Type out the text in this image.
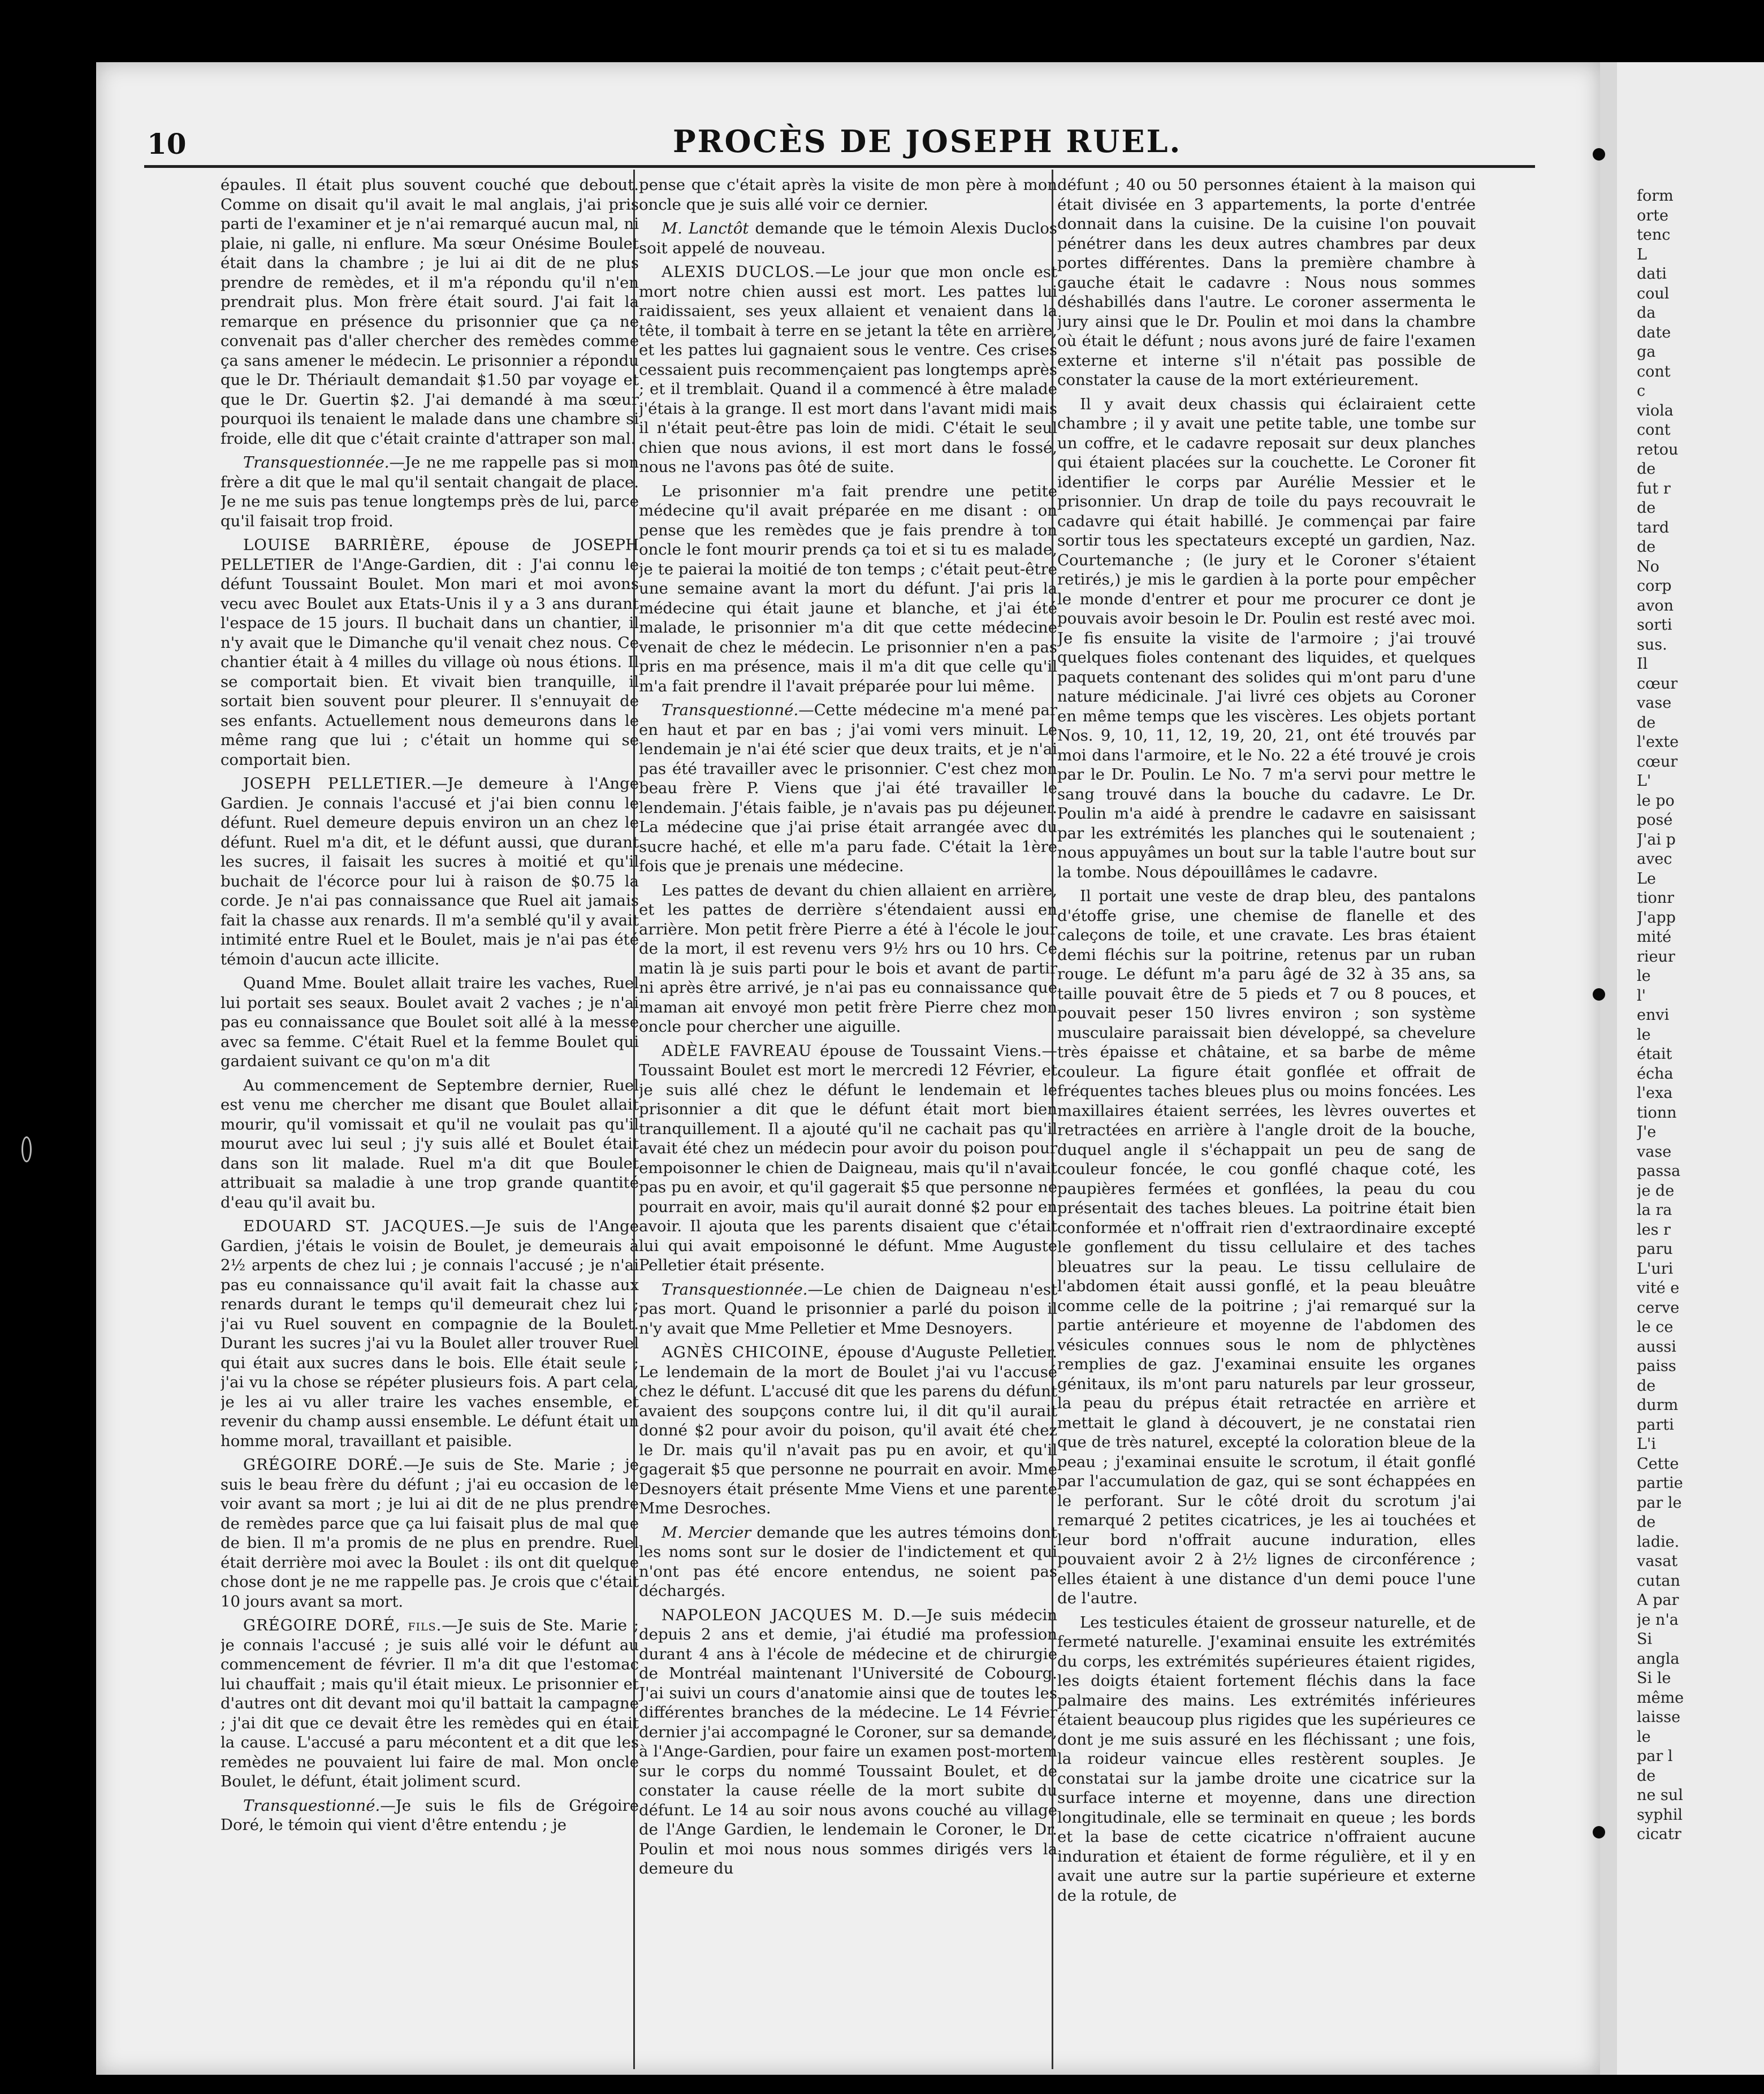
10	PROCÈS DE JOSEPH RUEL.

épaules. Il était plus souvent couché que debout. Comme on disait qu'il avait le mal anglais, j'ai pris parti de l'examiner et je n'ai remarqué aucun mal, ni plaie, ni galle, ni enflure. Ma sœur Onésime Boulet était dans la chambre ; je lui ai dit de ne plus prendre de remèdes, et il m'a répondu qu'il n'en prendrait plus. Mon frère était sourd. J'ai fait la remarque en présence du prisonnier que ça ne convenait pas d'aller chercher des remèdes comme ça sans amener le médecin. Le prisonnier a répondu que le Dr. Thériault demandait $1.50 par voyage et que le Dr. Guertin $2. J'ai demandé à ma sœur pourquoi ils tenaient le malade dans une chambre si froide, elle dit que c'était crainte d'attraper son mal.

Transquestionnée.—Je ne me rappelle pas si mon frère a dit que le mal qu'il sentait changait de place. Je ne me suis pas tenue longtemps près de lui, parce qu'il faisait trop froid.

LOUISE BARRIÈRE, épouse de JOSEPH PELLETIER de l'Ange-Gardien, dit : J'ai connu le défunt Toussaint Boulet. Mon mari et moi avons vecu avec Boulet aux Etats-Unis il y a 3 ans durant l'espace de 15 jours. Il buchait dans un chantier, il n'y avait que le Dimanche qu'il venait chez nous. Ce chantier était à 4 milles du village où nous étions. Il se comportait bien. Et vivait bien tranquille, il sortait bien souvent pour pleurer. Il s'ennuyait de ses enfants. Actuellement nous demeurons dans le même rang que lui ; c'était un homme qui se comportait bien.

JOSEPH PELLETIER.—Je demeure à l'Ange Gardien. Je connais l'accusé et j'ai bien connu le défunt. Ruel demeure depuis environ un an chez le défunt. Ruel m'a dit, et le défunt aussi, que durant les sucres, il faisait les sucres à moitié et qu'il buchait de l'écorce pour lui à raison de $0.75 la corde. Je n'ai pas connaissance que Ruel ait jamais fait la chasse aux renards. Il m'a semblé qu'il y avait intimité entre Ruel et le Boulet, mais je n'ai pas été témoin d'aucun acte illicite.

Quand Mme. Boulet allait traire les vaches, Ruel lui portait ses seaux. Boulet avait 2 vaches ; je n'ai pas eu connaissance que Boulet soit allé à la messe avec sa femme. C'était Ruel et la femme Boulet qui gardaient suivant ce qu'on m'a dit

Au commencement de Septembre dernier, Ruel est venu me chercher me disant que Boulet allait mourir, qu'il vomissait et qu'il ne voulait pas qu'il mourut avec lui seul ; j'y suis allé et Boulet était dans son lit malade. Ruel m'a dit que Boulet attribuait sa maladie à une trop grande quantité d'eau qu'il avait bu.

EDOUARD ST. JACQUES.—Je suis de l'Ange Gardien, j'étais le voisin de Boulet, je demeurais à 2½ arpents de chez lui ; je connais l'accusé ; je n'ai pas eu connaissance qu'il avait fait la chasse aux renards durant le temps qu'il demeurait chez lui ; j'ai vu Ruel souvent en compagnie de la Boulet. Durant les sucres j'ai vu la Boulet aller trouver Ruel qui était aux sucres dans le bois. Elle était seule ; j'ai vu la chose se répéter plusieurs fois. A part cela, je les ai vu aller traire les vaches ensemble, et revenir du champ aussi ensemble. Le défunt était un homme moral, travaillant et paisible.

GRÉGOIRE DORÉ.—Je suis de Ste. Marie ; je suis le beau frère du défunt ; j'ai eu occasion de le voir avant sa mort ; je lui ai dit de ne plus prendre de remèdes parce que ça lui faisait plus de mal que de bien. Il m'a promis de ne plus en prendre. Ruel était derrière moi avec la Boulet : ils ont dit quelque chose dont je ne me rappelle pas. Je crois que c'était 10 jours avant sa mort.

GRÉGOIRE DORÉ, fils.—Je suis de Ste. Marie ; je connais l'accusé ; je suis allé voir le défunt au commencement de février. Il m'a dit que l'estomac lui chauffait ; mais qu'il était mieux. Le prisonnier et d'autres ont dit devant moi qu'il battait la campagne ; j'ai dit que ce devait être les remèdes qui en était la cause. L'accusé a paru mécontent et a dit que les remèdes ne pouvaient lui faire de mal. Mon oncle Boulet, le défunt, était joliment scurd.

Transquestionné.—Je suis le fils de Grégoire Doré, le témoin qui vient d'être entendu ; je

pense que c'était après la visite de mon père à mon oncle que je suis allé voir ce dernier.

M. Lanctôt demande que le témoin Alexis Duclos soit appelé de nouveau.

ALEXIS DUCLOS.—Le jour que mon oncle est mort notre chien aussi est mort. Les pattes lui raidissaient, ses yeux allaient et venaient dans la tête, il tombait à terre en se jetant la tête en arrière, et les pattes lui gagnaient sous le ventre. Ces crises cessaient puis recommençaient pas longtemps après ; et il tremblait. Quand il a commencé à être malade j'étais à la grange. Il est mort dans l'avant midi mais il n'était peut-être pas loin de midi. C'était le seul chien que nous avions, il est mort dans le fossé, nous ne l'avons pas ôté de suite.

Le prisonnier m'a fait prendre une petite médecine qu'il avait préparée en me disant : on pense que les remèdes que je fais prendre à ton oncle le font mourir prends ça toi et si tu es malade, je te paierai la moitié de ton temps ; c'était peut-être une semaine avant la mort du défunt. J'ai pris la médecine qui était jaune et blanche, et j'ai été malade, le prisonnier m'a dit que cette médecine venait de chez le médecin. Le prisonnier n'en a pas pris en ma présence, mais il m'a dit que celle qu'il m'a fait prendre il l'avait préparée pour lui même.

Transquestionné.—Cette médecine m'a mené par en haut et par en bas ; j'ai vomi vers minuit. Le lendemain je n'ai été scier que deux traits, et je n'ai pas été travailler avec le prisonnier. C'est chez mon beau frère P. Viens que j'ai été travailler le lendemain. J'étais faible, je n'avais pas pu déjeuner. La médecine que j'ai prise était arrangée avec du sucre haché, et elle m'a paru fade. C'était la 1ère fois que je prenais une médecine.

Les pattes de devant du chien allaient en arrière, et les pattes de derrière s'étendaient aussi en arrière. Mon petit frère Pierre a été à l'école le jour de la mort, il est revenu vers 9½ hrs ou 10 hrs. Ce matin là je suis parti pour le bois et avant de partir ni après être arrivé, je n'ai pas eu connaissance que maman ait envoyé mon petit frère Pierre chez mon oncle pour chercher une aiguille.

ADÈLE FAVREAU épouse de Toussaint Viens.—Toussaint Boulet est mort le mercredi 12 Février, et je suis allé chez le défunt le lendemain et le prisonnier a dit que le défunt était mort bien tranquillement. Il a ajouté qu'il ne cachait pas qu'il avait été chez un médecin pour avoir du poison pour empoisonner le chien de Daigneau, mais qu'il n'avait pas pu en avoir, et qu'il gagerait $5 que personne ne pourrait en avoir, mais qu'il aurait donné $2 pour en avoir. Il ajouta que les parents disaient que c'était lui qui avait empoisonné le défunt. Mme Auguste Pelletier était présente.

Transquestionnée.—Le chien de Daigneau n'est pas mort. Quand le prisonnier a parlé du poison il n'y avait que Mme Pelletier et Mme Desnoyers.

AGNÈS CHICOINE, épouse d'Auguste Pelletier. Le lendemain de la mort de Boulet j'ai vu l'accusé chez le défunt. L'accusé dit que les parens du défunt avaient des soupçons contre lui, il dit qu'il aurait donné $2 pour avoir du poison, qu'il avait été chez le Dr. mais qu'il n'avait pas pu en avoir, et qu'il gagerait $5 que personne ne pourrait en avoir. Mme Desnoyers était présente Mme Viens et une parente Mme Desroches.

M. Mercier demande que les autres témoins dont les noms sont sur le dosier de l'indictement et qui n'ont pas été encore entendus, ne soient pas déchargés.

NAPOLEON JACQUES M. D.—Je suis médecin depuis 2 ans et demie, j'ai étudié ma profession durant 4 ans à l'école de médecine et de chirurgie de Montréal maintenant l'Université de Cobourg. J'ai suivi un cours d'anatomie ainsi que de toutes les différentes branches de la médecine. Le 14 Février dernier j'ai accompagné le Coroner, sur sa demande, à l'Ange-Gardien, pour faire un examen post-mortem sur le corps du nommé Toussaint Boulet, et de constater la cause réelle de la mort subite du défunt. Le 14 au soir nous avons couché au village de l'Ange Gardien, le lendemain le Coroner, le Dr. Poulin et moi nous nous sommes dirigés vers la demeure du

défunt ; 40 ou 50 personnes étaient à la maison qui était divisée en 3 appartements, la porte d'entrée donnait dans la cuisine. De la cuisine l'on pouvait pénétrer dans les deux autres chambres par deux portes différentes. Dans la première chambre à gauche était le cadavre : Nous nous sommes déshabillés dans l'autre. Le coroner assermenta le jury ainsi que le Dr. Poulin et moi dans la chambre où était le défunt ; nous avons juré de faire l'examen externe et interne s'il n'était pas possible de constater la cause de la mort extérieurement.

Il y avait deux chassis qui éclairaient cette chambre ; il y avait une petite table, une tombe sur un coffre, et le cadavre reposait sur deux planches qui étaient placées sur la couchette. Le Coroner fit identifier le corps par Aurélie Messier et le prisonnier. Un drap de toile du pays recouvrait le cadavre qui était habillé. Je commençai par faire sortir tous les spectateurs excepté un gardien, Naz. Courtemanche ; (le jury et le Coroner s'étaient retirés,) je mis le gardien à la porte pour empêcher le monde d'entrer et pour me procurer ce dont je pouvais avoir besoin le Dr. Poulin est resté avec moi. Je fis ensuite la visite de l'armoire ; j'ai trouvé quelques fioles contenant des liquides, et quelques paquets contenant des solides qui m'ont paru d'une nature médicinale. J'ai livré ces objets au Coroner en même temps que les viscères. Les objets portant Nos. 9, 10, 11, 12, 19, 20, 21, ont été trouvés par moi dans l'armoire, et le No. 22 a été trouvé je crois par le Dr. Poulin. Le No. 7 m'a servi pour mettre le sang trouvé dans la bouche du cadavre. Le Dr. Poulin m'a aidé à prendre le cadavre en saisissant par les extrémités les planches qui le soutenaient ; nous appuyâmes un bout sur la table l'autre bout sur la tombe. Nous dépouillâmes le cadavre.

Il portait une veste de drap bleu, des pantalons d'étoffe grise, une chemise de flanelle et des caleçons de toile, et une cravate. Les bras étaient demi fléchis sur la poitrine, retenus par un ruban rouge. Le défunt m'a paru âgé de 32 à 35 ans, sa taille pouvait être de 5 pieds et 7 ou 8 pouces, et pouvait peser 150 livres environ ; son système musculaire paraissait bien développé, sa chevelure très épaisse et châtaine, et sa barbe de même couleur. La figure était gonflée et offrait de fréquentes taches bleues plus ou moins foncées. Les maxillaires étaient serrées, les lèvres ouvertes et retractées en arrière à l'angle droit de la bouche, duquel angle il s'échappait un peu de sang de couleur foncée, le cou gonflé chaque coté, les paupières fermées et gonflées, la peau du cou présentait des taches bleues. La poitrine était bien conformée et n'offrait rien d'extraordinaire excepté le gonflement du tissu cellulaire et des taches bleuatres sur la peau. Le tissu cellulaire de l'abdomen était aussi gonflé, et la peau bleuâtre comme celle de la poitrine ; j'ai remarqué sur la partie antérieure et moyenne de l'abdomen des vésicules connues sous le nom de phlyctènes remplies de gaz. J'examinai ensuite les organes génitaux, ils m'ont paru naturels par leur grosseur, la peau du prépus était retractée en arrière et mettait le gland à découvert, je ne constatai rien que de très naturel, excepté la coloration bleue de la peau ; j'examinai ensuite le scrotum, il était gonflé par l'accumulation de gaz, qui se sont échappées en le perforant. Sur le côté droit du scrotum j'ai remarqué 2 petites cicatrices, je les ai touchées et leur bord n'offrait aucune induration, elles pouvaient avoir 2 à 2½ lignes de circonférence ; elles étaient à une distance d'un demi pouce l'une de l'autre.

Les testicules étaient de grosseur naturelle, et de fermeté naturelle. J'examinai ensuite les extrémités du corps, les extrémités supérieures étaient rigides, les doigts étaient fortement fléchis dans la face palmaire des mains. Les extrémités inférieures étaient beaucoup plus rigides que les supérieures ce dont je me suis assuré en les fléchissant ; une fois, la roideur vaincue elles restèrent souples. Je constatai sur la jambe droite une cicatrice sur la surface interne et moyenne, dans une direction longitudinale, elle se terminait en queue ; les bords et la base de cette cicatrice n'offraient aucune induration et étaient de forme régulière, et il y en avait une autre sur la partie supérieure et externe de la rotule, de

form
orte
tenc
L
dati
coul
da
date
ga
cont
c
viola
cont
retou
de
fut r
de
tard
de
No
corp
avon
sorti
sus.
Il
cœur
vase
de
l'exte
cœur
L'
le po
posé
J'ai p
avec
Le
tionr
J'app
mité
rieur
le
l'
envi
le
était
écha
l'exa
tionn
J'e
vase
passa
je de
la ra
les r
paru
L'uri
vité e
cerve
le ce
aussi
paiss
de
durm
parti
L'i
Cette
partie
par le
de
ladie.
vasat
cutan
A par
je n'a
Si
angla
Si le
même
laisse
le
par l
de
ne sul
syphil
cicatr
